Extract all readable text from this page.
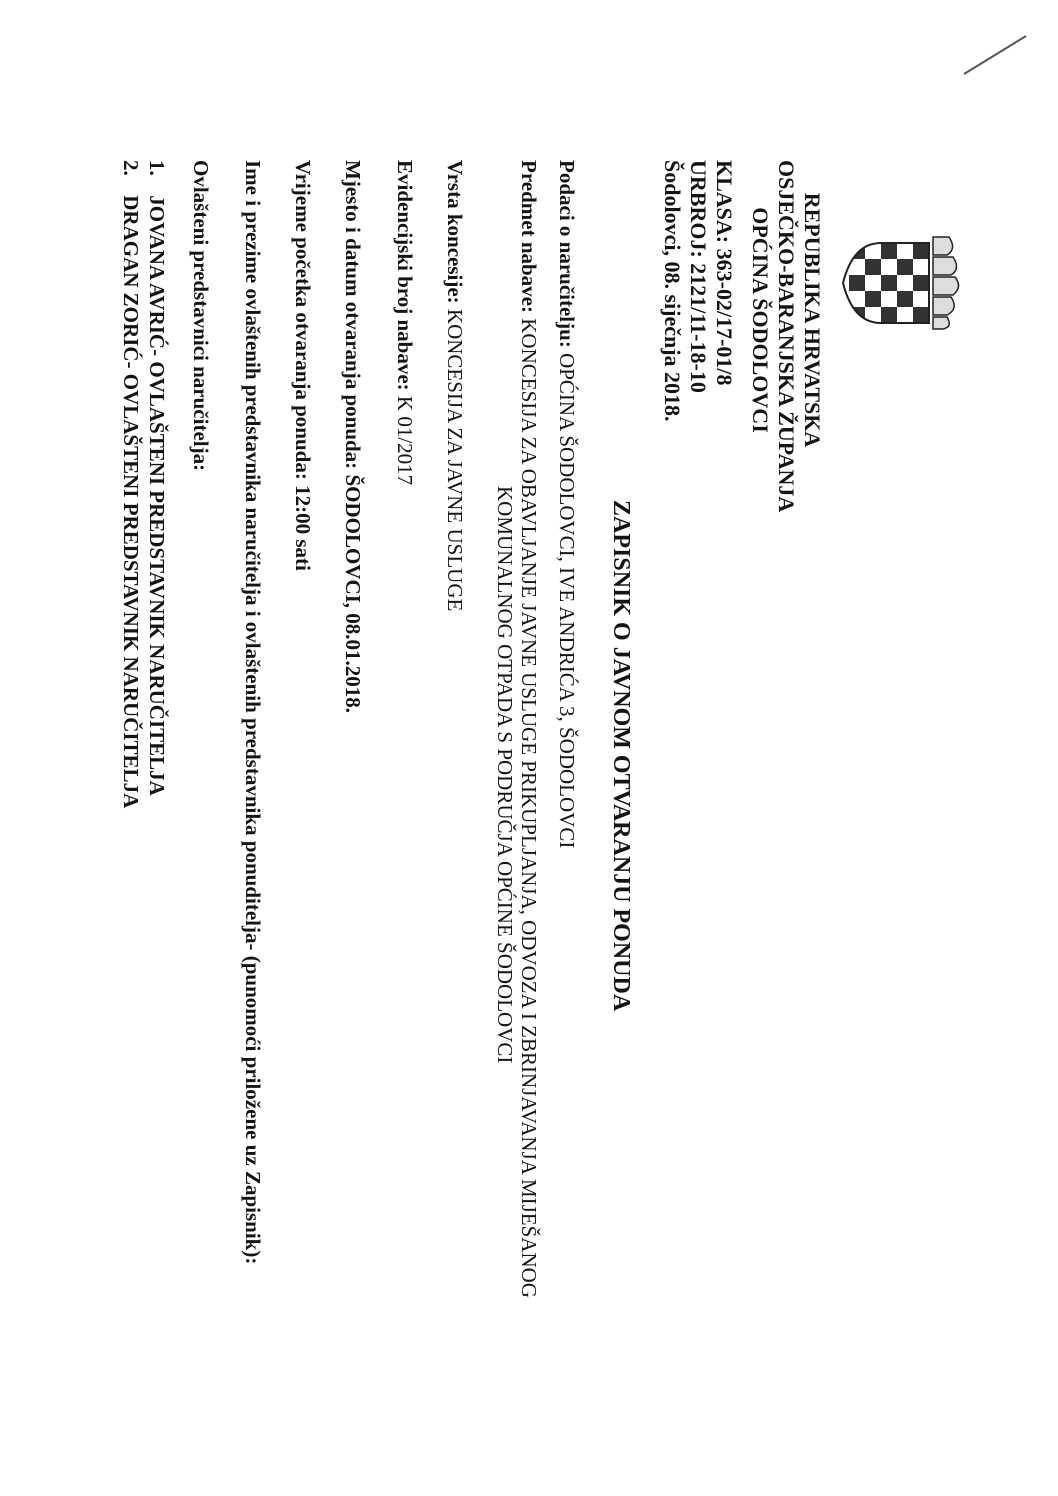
REPUBLIKA HRVATSKA
OSJEČKO-BARANJSKA ŽUPANJA
OPĆINA ŠODOLOVCI
KLASA: 363-02/17-01/8
URBROJ: 2121/11-18-10
Šodolovci, 08. siječnja 2018.
ZAPISNIK O JAVNOM OTVARANJU PONUDA
Podaci o naručitelju: OPĆINA ŠODOLOVCI, IVE ANDRIĆA 3, ŠODOLOVCI
Predmet nabave: KONCESIJA ZA OBAVLJANJE JAVNE USLUGE PRIKUPLJANJA, ODVOZA I ZBRINJAVANJA MIJEŠANOG
KOMUNALNOG OTPADA S PODRUČJA OPĆINE ŠODOLOVCI
Vrsta koncesije: KONCESIJA ZA JAVNE USLUGE
Evidencijski broj nabave: K 01/2017
Mjesto i datum otvaranja ponuda: ŠODOLOVCI, 08.01.2018.
Vrijeme početka otvaranja ponuda: 12:00 sati
Ime i prezime ovlaštenih predstavnika naručitelja i ovlaštenih predstavnika ponuditelja- (punomoći priložene uz Zapisnik):
Ovlašteni predstavnici naručitelja:
1. JOVANA AVRIĆ- OVLAŠTENI PREDSTAVNIK NARUČITELJA
2. DRAGAN ZORIĆ- OVLAŠTENI PREDSTAVNIK NARUČITELJA
